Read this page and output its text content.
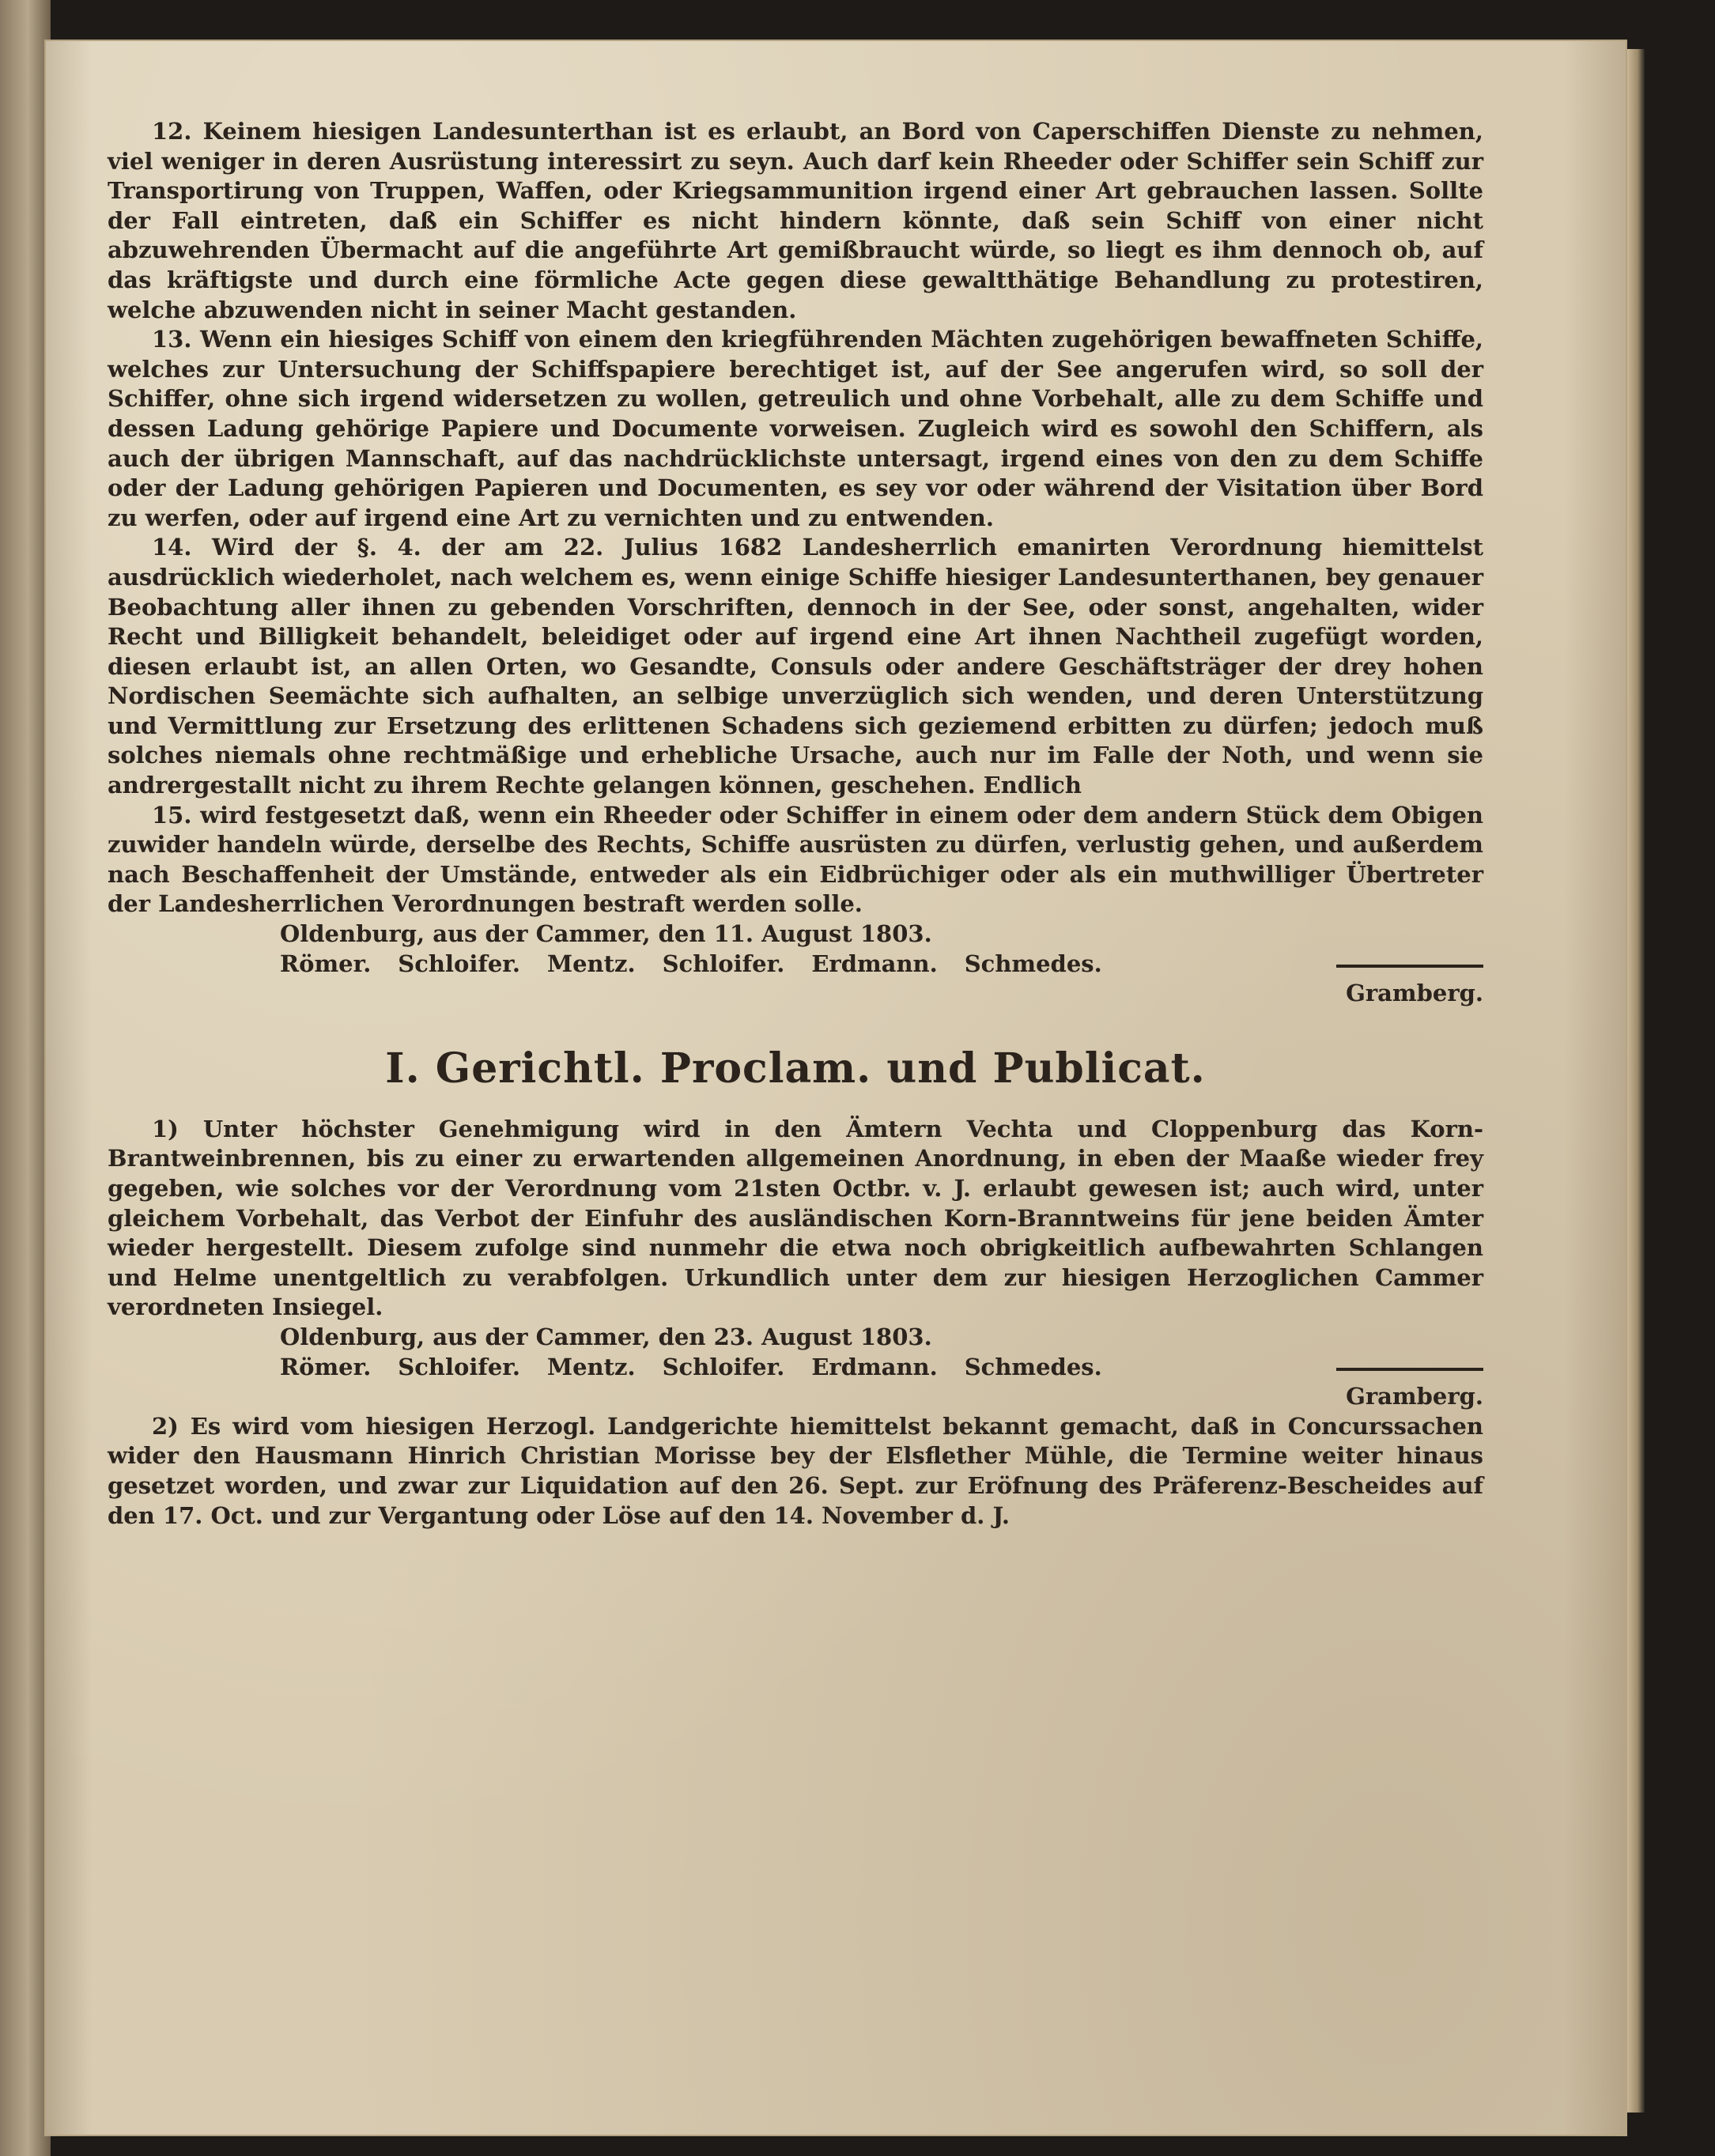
12. Keinem hiesigen Landesunterthan ist es erlaubt, an Bord von Caperschiffen Dienste zu nehmen, viel weniger in deren Ausrüstung interessirt zu seyn. Auch darf kein Rheeder oder Schiffer sein Schiff zur Transportirung von Truppen, Waffen, oder Kriegsammunition irgend einer Art gebrauchen lassen. Sollte der Fall eintreten, daß ein Schiffer es nicht hindern könnte, daß sein Schiff von einer nicht abzuwehrenden Übermacht auf die angeführte Art gemißbraucht würde, so liegt es ihm dennoch ob, auf das kräftigste und durch eine förmliche Acte gegen diese gewaltthätige Behandlung zu protestiren, welche abzuwenden nicht in seiner Macht gestanden.

13. Wenn ein hiesiges Schiff von einem den kriegführenden Mächten zugehörigen bewaffneten Schiffe, welches zur Untersuchung der Schiffspapiere berechtiget ist, auf der See angerufen wird, so soll der Schiffer, ohne sich irgend widersetzen zu wollen, getreulich und ohne Vorbehalt, alle zu dem Schiffe und dessen Ladung gehörige Papiere und Documente vorweisen. Zugleich wird es sowohl den Schiffern, als auch der übrigen Mannschaft, auf das nachdrücklichste untersagt, irgend eines von den zu dem Schiffe oder der Ladung gehörigen Papieren und Documenten, es sey vor oder während der Visitation über Bord zu werfen, oder auf irgend eine Art zu vernichten und zu entwenden.

14. Wird der §. 4. der am 22. Julius 1682 Landesherrlich emanirten Verordnung hiemittelst ausdrücklich wiederholet, nach welchem es, wenn einige Schiffe hiesiger Landesunterthanen, bey genauer Beobachtung aller ihnen zu gebenden Vorschriften, dennoch in der See, oder sonst, angehalten, wider Recht und Billigkeit behandelt, beleidiget oder auf irgend eine Art ihnen Nachtheil zugefügt worden, diesen erlaubt ist, an allen Orten, wo Gesandte, Consuls oder andere Geschäftsträger der drey hohen Nordischen Seemächte sich aufhalten, an selbige unverzüglich sich wenden, und deren Unterstützung und Vermittlung zur Ersetzung des erlittenen Schadens sich geziemend erbitten zu dürfen; jedoch muß solches niemals ohne rechtmäßige und erhebliche Ursache, auch nur im Falle der Noth, und wenn sie andrergestallt nicht zu ihrem Rechte gelangen können, geschehen. Endlich

15. wird festgesetzt daß, wenn ein Rheeder oder Schiffer in einem oder dem andern Stück dem Obigen zuwider handeln würde, derselbe des Rechts, Schiffe ausrüsten zu dürfen, verlustig gehen, und außerdem nach Beschaffenheit der Umstände, entweder als ein Eidbrüchiger oder als ein muthwilliger Übertreter der Landesherrlichen Verordnungen bestraft werden solle.

Oldenburg, aus der Cammer, den 11. August 1803.

Römer. Schloifer. Mentz. Schloifer. Erdmann. Schmedes.

Gramberg.

I. Gerichtl. Proclam. und Publicat.

1) Unter höchster Genehmigung wird in den Ämtern Vechta und Cloppenburg das Korn-Brantweinbrennen, bis zu einer zu erwartenden allgemeinen Anordnung, in eben der Maaße wieder frey gegeben, wie solches vor der Verordnung vom 21sten Octbr. v. J. erlaubt gewesen ist; auch wird, unter gleichem Vorbehalt, das Verbot der Einfuhr des ausländischen Korn-Branntweins für jene beiden Ämter wieder hergestellt. Diesem zufolge sind nunmehr die etwa noch obrigkeitlich aufbewahrten Schlangen und Helme unentgeltlich zu verabfolgen. Urkundlich unter dem zur hiesigen Herzoglichen Cammer verordneten Insiegel.

Oldenburg, aus der Cammer, den 23. August 1803.

Römer. Schloifer. Mentz. Schloifer. Erdmann. Schmedes.

Gramberg.

2) Es wird vom hiesigen Herzogl. Landgerichte hiemittelst bekannt gemacht, daß in Concurssachen wider den Hausmann Hinrich Christian Morisse bey der Elsflether Mühle, die Termine weiter hinaus gesetzet worden, und zwar zur Liquidation auf den 26. Sept. zur Eröfnung des Präferenz-Bescheides auf den 17. Oct. und zur Vergantung oder Löse auf den 14. November d. J.
